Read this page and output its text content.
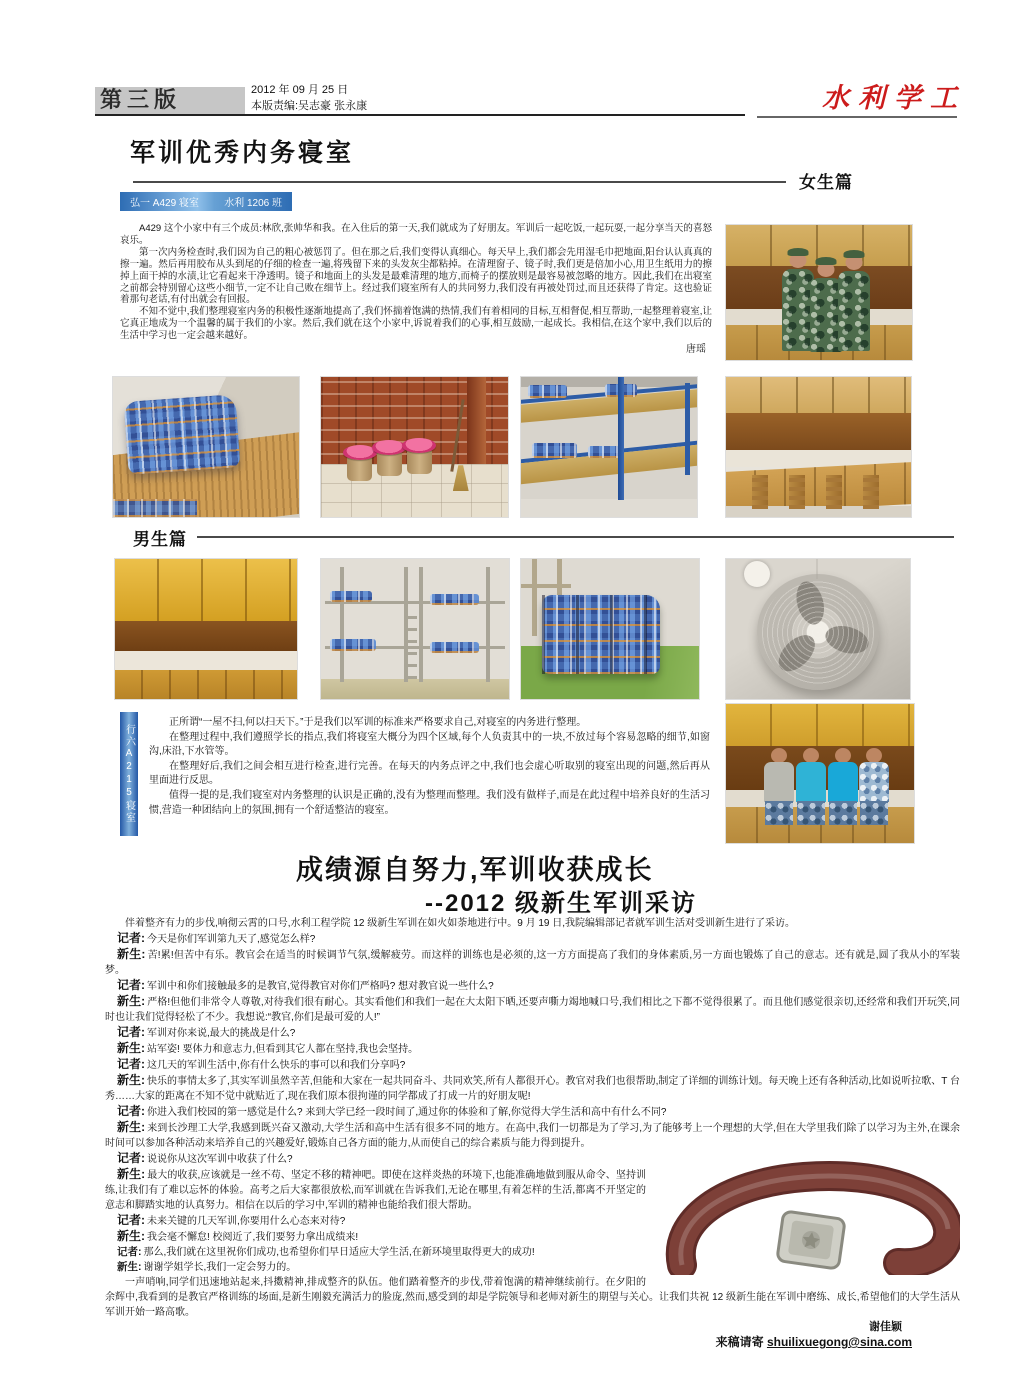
第三版	2012 年 09 月 25 日
本版责编:吴志豪 张永康	水利学工
军训优秀内务寝室
女生篇
弘一 A429 寝室	水利 1206 班

A429 这个小家中有三个成员:林欣,张帅华和我。在入住后的第一天,我们就成为了好朋友。军训后一起吃饭,一起玩耍,一起分享当天的喜怒哀乐。

第一次内务检查时,我们因为自己的粗心被惩罚了。但在那之后,我们变得认真细心。每天早上,我们都会先用湿毛巾把地面,阳台认认真真的擦一遍。然后再用胶布从头到尾的仔细的检查一遍,将残留下来的头发灰尘都粘掉。在清理窗子、镜子时,我们更是倍加小心,用卫生纸用力的擦掉上面干掉的水渍,让它看起来干净透明。镜子和地面上的头发是最难清理的地方,而椅子的摆放则是最容易被忽略的地方。因此,我们在出寝室之前都会特别留心这些小细节,一定不让自己败在细节上。经过我们寝室所有人的共同努力,我们没有再被处罚过,而且还获得了肯定。这也验证着那句老话,有付出就会有回报。

不知不觉中,我们整理寝室内务的积极性逐渐地提高了,我们怀揣着饱满的热情,我们有着相同的目标,互相督促,相互帮助,一起整理着寝室,让它真正地成为一个温馨的属于我们的小家。然后,我们就在这个小家中,诉说着我们的心事,相互鼓励,一起成长。我相信,在这个家中,我们以后的生活中学习也一定会越来越好。

唐瑶

男生篇
行六A215寝室

正所谓“一屋不扫,何以扫天下。”于是我们以军训的标准来严格要求自己,对寝室的内务进行整理。

在整理过程中,我们遵照学长的指点,我们将寝室大概分为四个区域,每个人负责其中的一块,不放过每个容易忽略的细节,如窗沟,床沿,下水管等。

在整理好后,我们之间会相互进行检查,进行完善。在每天的内务点评之中,我们也会虚心听取别的寝室出现的问题,然后再从里面进行反思。

值得一提的是,我们寝室对内务整理的认识是正确的,没有为整理而整理。我们没有做样子,而是在此过程中培养良好的生活习惯,营造一种团结向上的氛围,拥有一个舒适整洁的寝室。

成绩源自努力,军训收获成长
--2012 级新生军训采访

伴着整齐有力的步伐,响彻云霄的口号,水利工程学院 12 级新生军训在如火如荼地进行中。9 月 19 日,我院编辑部记者就军训生活对受训新生进行了采访。

记者: 今天是你们军训第九天了,感觉怎么样?

新生: 苦!累!但苦中有乐。教官会在适当的时候调节气氛,缓解疲劳。而这样的训练也是必须的,这一方方面提高了我们的身体素质,另一方面也锻炼了自己的意志。还有就是,圆了我从小的军装梦。

记者: 军训中和你们接触最多的是教官,觉得教官对你们严格吗? 想对教官说一些什么?

新生: 严格!但他们非常令人尊敬,对待我们很有耐心。其实看他们和我们一起在大太阳下晒,还要声嘶力竭地喊口号,我们相比之下都不觉得很累了。而且他们感觉很亲切,还经常和我们开玩笑,同时也让我们觉得轻松了不少。我想说:“教官,你们是最可爱的人!”

记者: 军训对你来说,最大的挑战是什么?

新生: 站军姿! 要体力和意志力,但看到其它人都在坚持,我也会坚持。

记者: 这几天的军训生活中,你有什么快乐的事可以和我们分享吗?

新生: 快乐的事情太多了,其实军训虽然辛苦,但能和大家在一起共同奋斗、共同欢笑,所有人都很开心。教官对我们也很帮助,制定了详细的训练计划。每天晚上还有各种活动,比如说听拉歌、T 台秀……大家的距离在不知不觉中就贴近了,现在我们原本很拘谨的同学都成了打成一片的好朋友呢!

记者: 你进入我们校园的第一感觉是什么? 来到大学已经一段时间了,通过你的体验和了解,你觉得大学生活和高中有什么不同?

新生: 来到长沙理工大学,我感到既兴奋又激动,大学生活和高中生活有很多不同的地方。在高中,我们一切都是为了学习,为了能够考上一个理想的大学,但在大学里我们除了以学习为主外,在课余时间可以参加各种活动来培养自己的兴趣爱好,锻炼自己各方面的能力,从而使自己的综合素质与能力得到提升。

记者: 说说你从这次军训中收获了什么?

新生: 最大的收获,应该就是一丝不苟、坚定不移的精神吧。即使在这样炎热的环境下,也能准确地做到服从命令、坚持训练,让我们有了难以忘怀的体验。高考之后大家都很放松,而军训就在告诉我们,无论在哪里,有着怎样的生活,都离不开坚定的意志和脚踏实地的认真努力。相信在以后的学习中,军训的精神也能给我们很大帮助。

记者: 未来关键的几天军训,你要用什么心态来对待?

新生: 我会毫不懈怠! 校阅近了,我们要努力拿出成绩来!

记者: 那么,我们就在这里祝你们成功,也希望你们早日适应大学生活,在新环境里取得更大的成功!

新生: 谢谢学姐学长,我们一定会努力的。

一声哨响,同学们迅速地站起来,抖擞精神,排成整齐的队伍。他们踏着整齐的步伐,带着饱满的精神继续前行。在夕阳的余辉中,我看到的是教官严格训练的场面,是新生刚毅充满活力的脸庞,然而,感受到的却是学院领导和老师对新生的期望与关心。让我们共祝 12 级新生能在军训中磨练、成长,希望他们的大学生活从军训开始一路高歌。

谢佳颖

来稿请寄 shuilixuegong@sina.com
